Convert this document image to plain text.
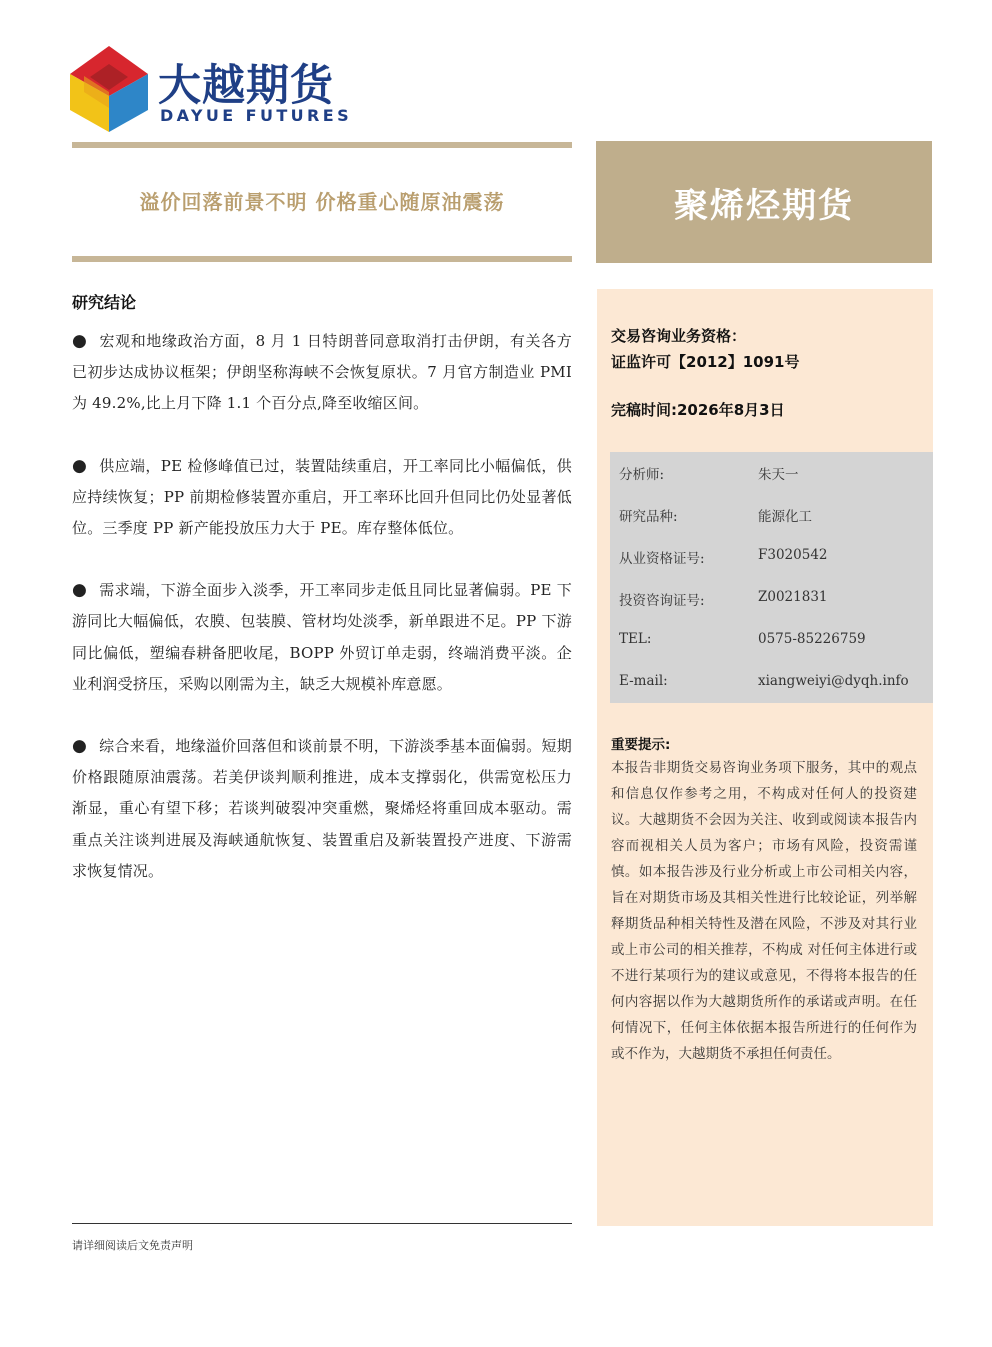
大越期货
DAYUE FUTURES
溢价回落前景不明 价格重心随原油震荡	聚烯烃期货
研究结论

● 宏观和地缘政治方面，8 月 1 日特朗普同意取消打击伊朗，有关各方已初步达成协议框架；伊朗坚称海峡不会恢复原状。7 月官方制造业 PMI 为 49.2%,比上月下降 1.1 个百分点,降至收缩区间。

● 供应端，PE 检修峰值已过，装置陆续重启，开工率同比小幅偏低，供应持续恢复；PP 前期检修装置亦重启，开工率环比回升但同比仍处显著低位。三季度 PP 新产能投放压力大于 PE。库存整体低位。

● 需求端，下游全面步入淡季，开工率同步走低且同比显著偏弱。PE 下游同比大幅偏低，农膜、包装膜、管材均处淡季，新单跟进不足。PP 下游同比偏低，塑编春耕备肥收尾，BOPP 外贸订单走弱，终端消费平淡。企业利润受挤压，采购以刚需为主，缺乏大规模补库意愿。

● 综合来看，地缘溢价回落但和谈前景不明，下游淡季基本面偏弱。短期价格跟随原油震荡。若美伊谈判顺利推进，成本支撑弱化，供需宽松压力渐显，重心有望下移；若谈判破裂冲突重燃，聚烯烃将重回成本驱动。需重点关注谈判进展及海峡通航恢复、装置重启及新装置投产进度、下游需求恢复情况。

交易咨询业务资格：
证监许可【2012】1091号
完稿时间:2026年8月3日
分析师:	朱天一
研究品种:	能源化工
从业资格证号:	F3020542
投资咨询证号:	Z0021831
TEL:	0575-85226759
E-mail:	xiangweiyi@dyqh.info
重要提示:
本报告非期货交易咨询业务项下服务，其中的观点和信息仅作参考之用，不构成对任何人的投资建议。大越期货不会因为关注、收到或阅读本报告内容而视相关人员为客户；市场有风险，投资需谨慎。如本报告涉及行业分析或上市公司相关内容，旨在对期货市场及其相关性进行比较论证，列举解释期货品种相关特性及潜在风险，不涉及对其行业或上市公司的相关推荐，不构成 对任何主体进行或不进行某项行为的建议或意见，不得将本报告的任何内容据以作为大越期货所作的承诺或声明。在任何情况下，任何主体依据本报告所进行的任何作为或不作为，大越期货不承担任何责任。
请详细阅读后文免责声明
